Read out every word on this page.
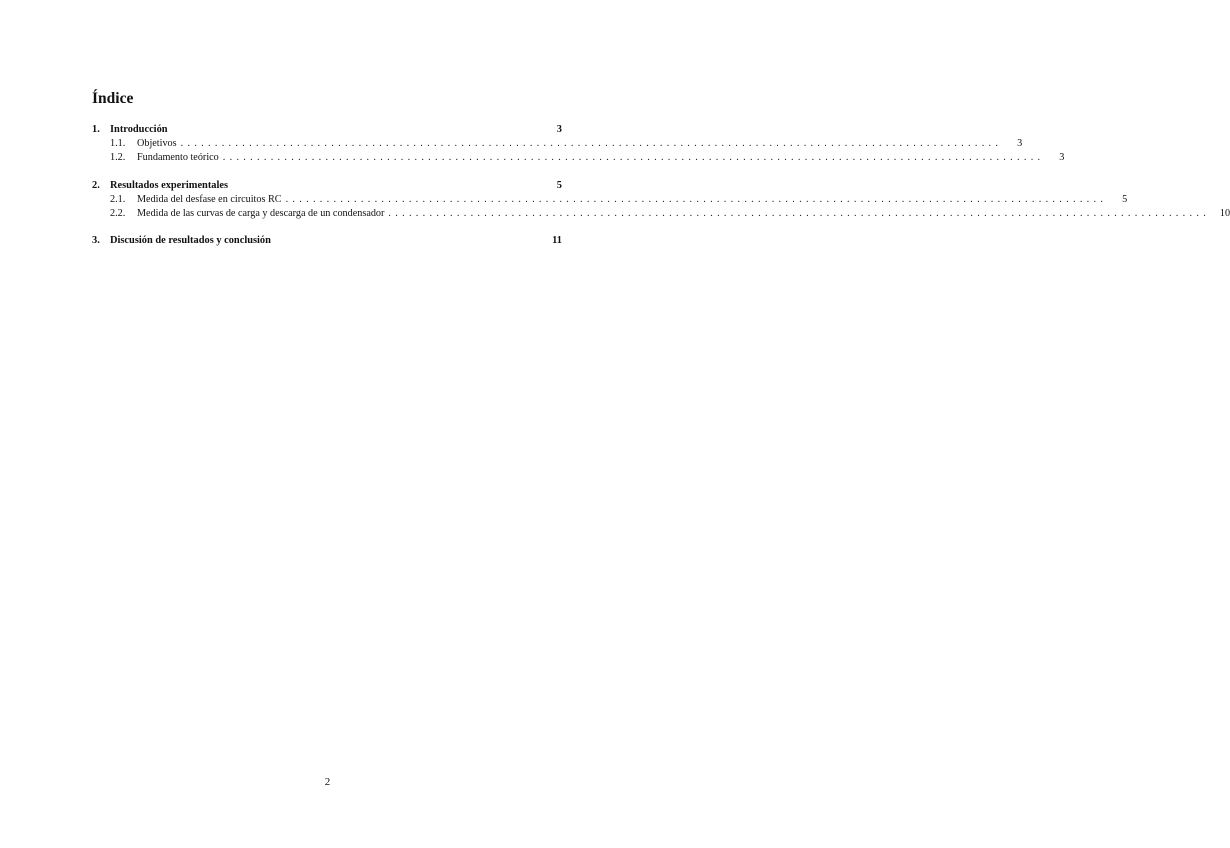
Índice
1. Introducción	3
1.1.	Objetivos ........................................................................................................................	3
1.2.	Fundamento teórico ........................................................................................................................	3
2. Resultados experimentales	5
2.1.	Medida del desfase en circuitos RC ........................................................................................................................	5
2.2.	Medida de las curvas de carga y descarga de un condensador ........................................................................................................................ 10
3. Discusión de resultados y conclusión	11
2
